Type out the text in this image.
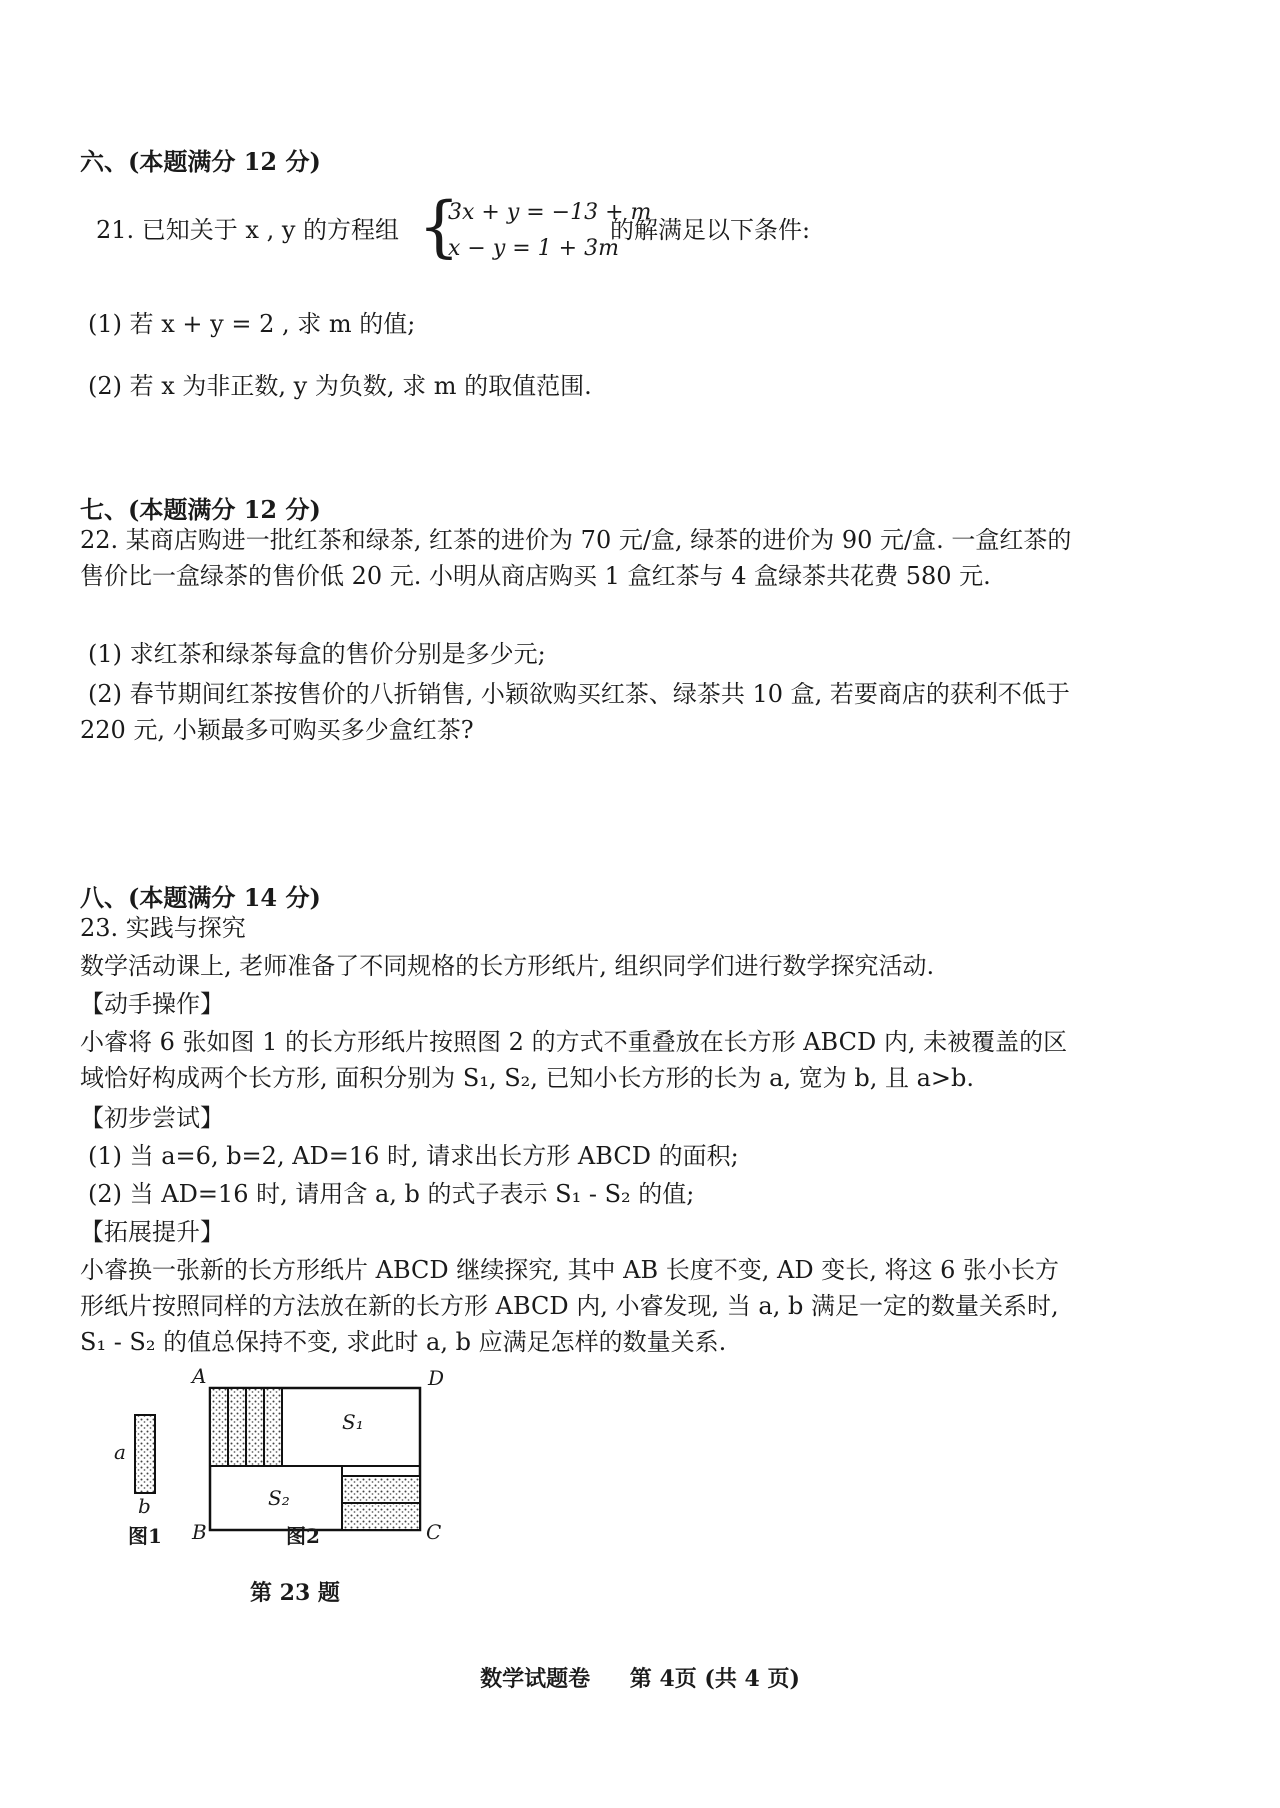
六、(本题满分 12 分)
21. 已知关于 x , y 的方程组 {
3x + y = −13 + m
x − y = 1 + 3m
的解满足以下条件:
(1) 若 x + y = 2 , 求 m 的值;
(2) 若 x 为非正数, y 为负数, 求 m 的取值范围.
七、(本题满分 12 分)
22. 某商店购进一批红茶和绿茶, 红茶的进价为 70 元/盒, 绿茶的进价为 90 元/盒. 一盒红茶的售价比一盒绿茶的售价低 20 元. 小明从商店购买 1 盒红茶与 4 盒绿茶共花费 580 元.
(1) 求红茶和绿茶每盒的售价分别是多少元;
(2) 春节期间红茶按售价的八折销售, 小颖欲购买红茶、绿茶共 10 盒, 若要商店的获利不低于 220 元, 小颖最多可购买多少盒红茶?
八、(本题满分 14 分)
23. 实践与探究
数学活动课上, 老师准备了不同规格的长方形纸片, 组织同学们进行数学探究活动.
【动手操作】
小睿将 6 张如图 1 的长方形纸片按照图 2 的方式不重叠放在长方形 ABCD 内, 未被覆盖的区域恰好构成两个长方形, 面积分别为 S₁, S₂, 已知小长方形的长为 a, 宽为 b, 且 a>b.
【初步尝试】
(1) 当 a=6, b=2, AD=16 时, 请求出长方形 ABCD 的面积;
(2) 当 AD=16 时, 请用含 a, b 的式子表示 S₁ - S₂ 的值;
【拓展提升】
小睿换一张新的长方形纸片 ABCD 继续探究, 其中 AB 长度不变, AD 变长, 将这 6 张小长方形纸片按照同样的方法放在新的长方形 ABCD 内, 小睿发现, 当 a, b 满足一定的数量关系时, S₁ - S₂ 的值总保持不变, 求此时 a, b 应满足怎样的数量关系.
a
b
图1
A	D
B	C
S₁
S₂
图2
第 23 题
数学试题卷 第 4页 (共 4 页)
